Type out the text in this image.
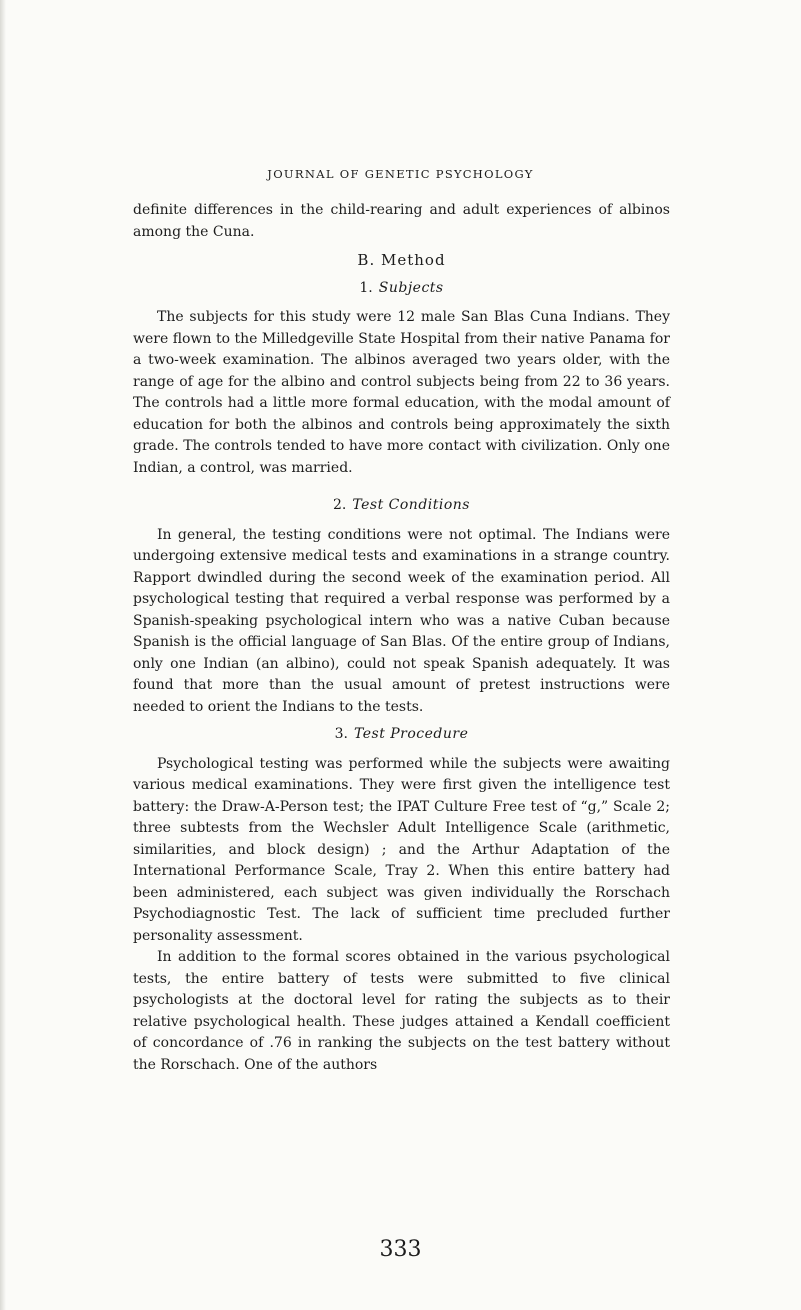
JOURNAL OF GENETIC PSYCHOLOGY

definite differences in the child-rearing and adult experiences of albinos among the Cuna.

B. Method
1. Subjects

The subjects for this study were 12 male San Blas Cuna Indians. They were flown to the Milledgeville State Hospital from their native Panama for a two-week examination. The albinos averaged two years older, with the range of age for the albino and control subjects being from 22 to 36 years. The controls had a little more formal education, with the modal amount of education for both the albinos and controls being approximately the sixth grade. The controls tended to have more contact with civilization. Only one Indian, a control, was married.

2. Test Conditions

In general, the testing conditions were not optimal. The Indians were undergoing extensive medical tests and examinations in a strange country. Rapport dwindled during the second week of the examination period. All psychological testing that required a verbal response was performed by a Spanish-speaking psychological intern who was a native Cuban because Spanish is the official language of San Blas. Of the entire group of Indians, only one Indian (an albino), could not speak Spanish adequately. It was found that more than the usual amount of pretest instructions were needed to orient the Indians to the tests.

3. Test Procedure

Psychological testing was performed while the subjects were awaiting various medical examinations. They were first given the intelligence test battery: the Draw-A-Person test; the IPAT Culture Free test of “g,” Scale 2; three subtests from the Wechsler Adult Intelligence Scale (arithmetic, similarities, and block design) ; and the Arthur Adaptation of the International Performance Scale, Tray 2. When this entire battery had been administered, each subject was given individually the Rorschach Psychodiagnostic Test. The lack of sufficient time precluded further personality assessment.

In addition to the formal scores obtained in the various psychological tests, the entire battery of tests were submitted to five clinical psychologists at the doctoral level for rating the subjects as to their relative psychological health. These judges attained a Kendall coefficient of concordance of .76 in ranking the subjects on the test battery without the Rorschach. One of the authors

333
